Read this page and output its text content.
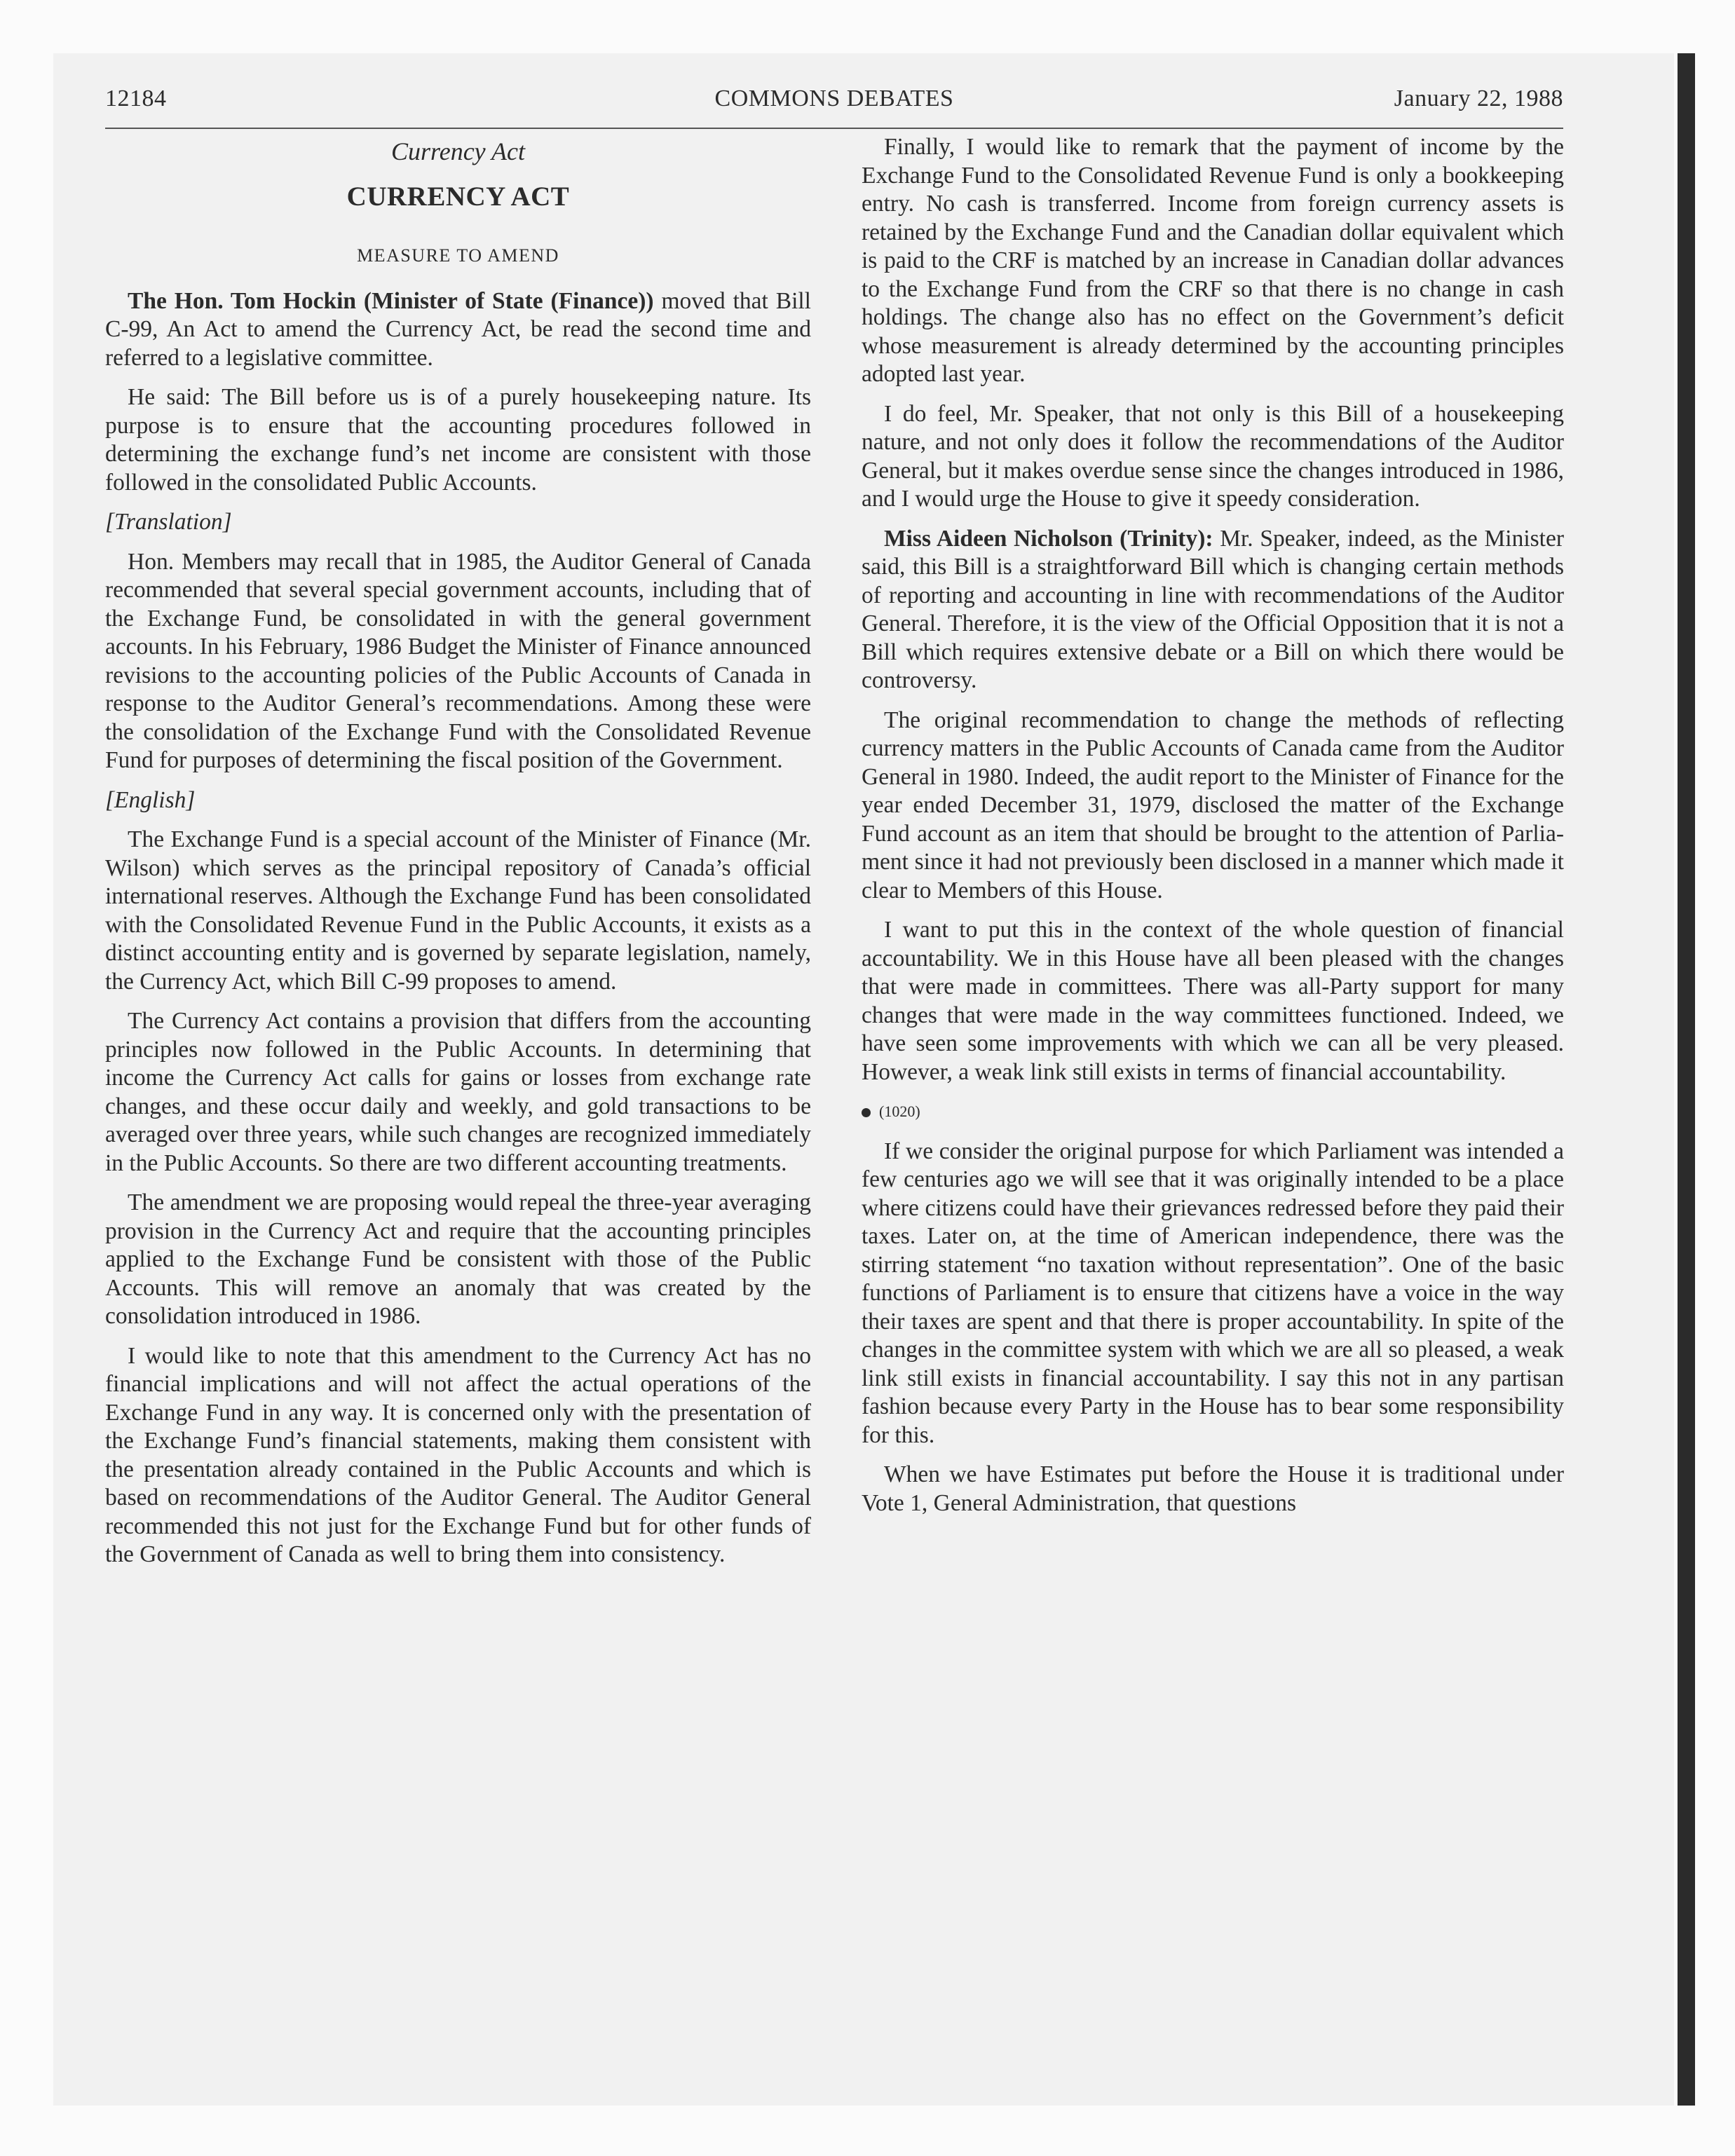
12184	COMMONS DEBATES	January 22, 1988
Currency Act
CURRENCY ACT
MEASURE TO AMEND

The Hon. Tom Hockin (Minister of State (Finance)) moved that Bill C-99, An Act to amend the Currency Act, be read the second time and referred to a legislative committee.

He said: The Bill before us is of a purely housekeeping nature. Its purpose is to ensure that the accounting procedures followed in determining the exchange fund’s net income are consistent with those followed in the consolidated Public Accounts.

[Translation]

Hon. Members may recall that in 1985, the Auditor General of Canada recommended that several special government accounts, including that of the Exchange Fund, be consolidated in with the general government accounts. In his February, 1986 Budget the Minister of Finance announced revisions to the accounting policies of the Public Accounts of Canada in response to the Auditor General’s recommendations. Among these were the consolidation of the Exchange Fund with the Consolidated Revenue Fund for purposes of determining the fiscal position of the Government.

[English]

The Exchange Fund is a special account of the Minister of Finance (Mr. Wilson) which serves as the principal repository of Canada’s official international reserves. Although the Exchange Fund has been consolidated with the Consolidated Revenue Fund in the Public Accounts, it exists as a distinct accounting entity and is governed by separate legislation, namely, the Currency Act, which Bill C-99 proposes to amend.

The Currency Act contains a provision that differs from the accounting principles now followed in the Public Accounts. In determining that income the Currency Act calls for gains or losses from exchange rate changes, and these occur daily and weekly, and gold transactions to be averaged over three years, while such changes are recognized immediately in the Public Accounts. So there are two different accounting treatments.

The amendment we are proposing would repeal the three-year averaging provision in the Currency Act and require that the accounting principles applied to the Exchange Fund be consistent with those of the Public Accounts. This will remove an anomaly that was created by the consolidation introduced in 1986.

I would like to note that this amendment to the Currency Act has no financial implications and will not affect the actual operations of the Exchange Fund in any way. It is concerned only with the presentation of the Exchange Fund’s financial statements, making them consistent with the presentation already contained in the Public Accounts and which is based on recommendations of the Auditor General. The Auditor General recommended this not just for the Exchange Fund but for other funds of the Government of Canada as well to bring them into consistency.

Finally, I would like to remark that the payment of income by the Exchange Fund to the Consolidated Revenue Fund is only a bookkeeping entry. No cash is transferred. Income from foreign currency assets is retained by the Exchange Fund and the Canadian dollar equivalent which is paid to the CRF is matched by an increase in Canadian dollar advances to the Exchange Fund from the CRF so that there is no change in cash holdings. The change also has no effect on the Government’s deficit whose measurement is already determined by the accounting principles adopted last year.

I do feel, Mr. Speaker, that not only is this Bill of a housekeeping nature, and not only does it follow the recommendations of the Auditor General, but it makes overdue sense since the changes introduced in 1986, and I would urge the House to give it speedy consideration.

Miss Aideen Nicholson (Trinity): Mr. Speaker, indeed, as the Minister said, this Bill is a straightforward Bill which is changing certain methods of reporting and accounting in line with recommendations of the Auditor General. Therefore, it is the view of the Official Opposition that it is not a Bill which requires extensive debate or a Bill on which there would be controversy.

The original recommendation to change the methods of reflecting currency matters in the Public Accounts of Canada came from the Auditor General in 1980. Indeed, the audit report to the Minister of Finance for the year ended December 31, 1979, disclosed the matter of the Exchange Fund account as an item that should be brought to the attention of Parliament since it had not previously been disclosed in a manner which made it clear to Members of this House.

I want to put this in the context of the whole question of financial accountability. We in this House have all been pleased with the changes that were made in committees. There was all-Party support for many changes that were made in the way committees functioned. Indeed, we have seen some improvements with which we can all be very pleased. However, a weak link still exists in terms of financial accountability.

(1020)

If we consider the original purpose for which Parliament was intended a few centuries ago we will see that it was originally intended to be a place where citizens could have their grievances redressed before they paid their taxes. Later on, at the time of American independence, there was the stirring statement “no taxation without representation”. One of the basic functions of Parliament is to ensure that citizens have a voice in the way their taxes are spent and that there is proper accountability. In spite of the changes in the committee system with which we are all so pleased, a weak link still exists in financial accountability. I say this not in any partisan fashion because every Party in the House has to bear some responsibility for this.

When we have Estimates put before the House it is traditional under Vote 1, General Administration, that questions
